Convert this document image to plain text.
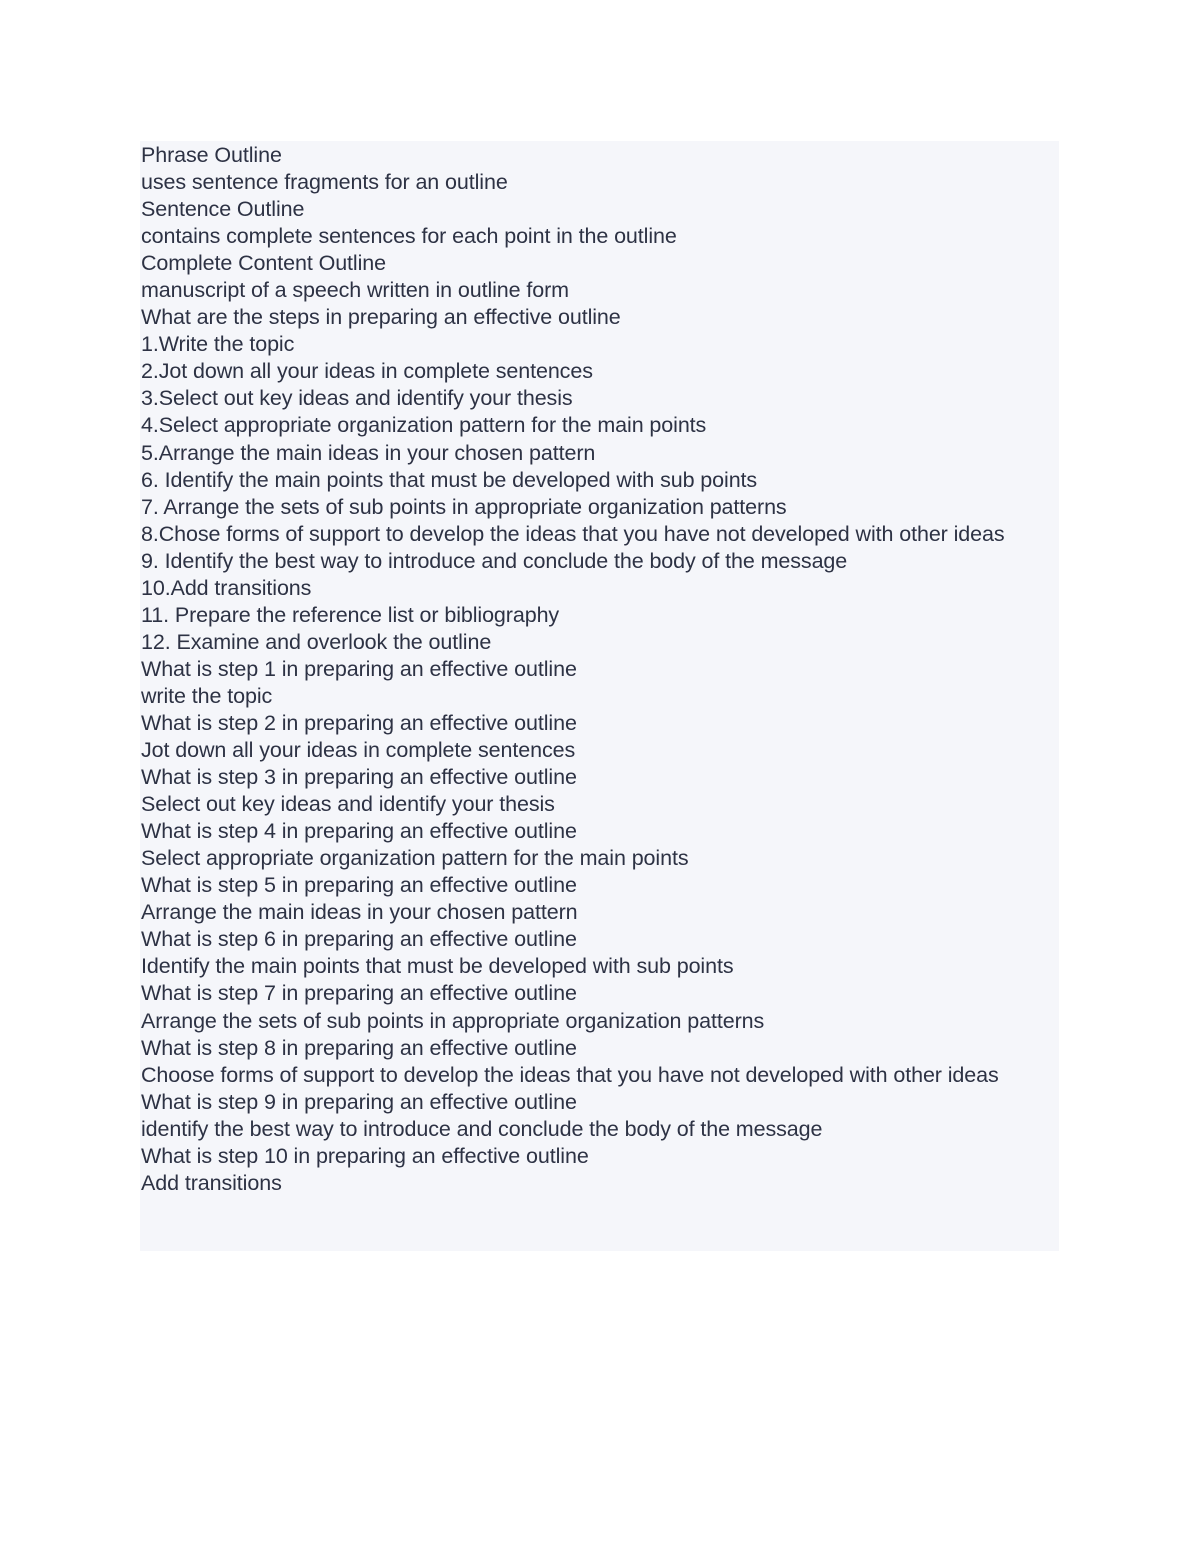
Phrase Outline

uses sentence fragments for an outline

Sentence Outline

contains complete sentences for each point in the outline

Complete Content Outline

manuscript of a speech written in outline form

What are the steps in preparing an effective outline

1.Write the topic

2.Jot down all your ideas in complete sentences

3.Select out key ideas and identify your thesis

4.Select appropriate organization pattern for the main points

5.Arrange the main ideas in your chosen pattern

6. Identify the main points that must be developed with sub points

7. Arrange the sets of sub points in appropriate organization patterns

8.Chose forms of support to develop the ideas that you have not developed with other ideas

9. Identify the best way to introduce and conclude the body of the message

10.Add transitions

11. Prepare the reference list or bibliography

12. Examine and overlook the outline

What is step 1 in preparing an effective outline

write the topic

What is step 2 in preparing an effective outline

Jot down all your ideas in complete sentences

What is step 3 in preparing an effective outline

Select out key ideas and identify your thesis

What is step 4 in preparing an effective outline

Select appropriate organization pattern for the main points

What is step 5 in preparing an effective outline

Arrange the main ideas in your chosen pattern

What is step 6 in preparing an effective outline

Identify the main points that must be developed with sub points

What is step 7 in preparing an effective outline

Arrange the sets of sub points in appropriate organization patterns

What is step 8 in preparing an effective outline

Choose forms of support to develop the ideas that you have not developed with other ideas

What is step 9 in preparing an effective outline

identify the best way to introduce and conclude the body of the message

What is step 10 in preparing an effective outline

Add transitions
